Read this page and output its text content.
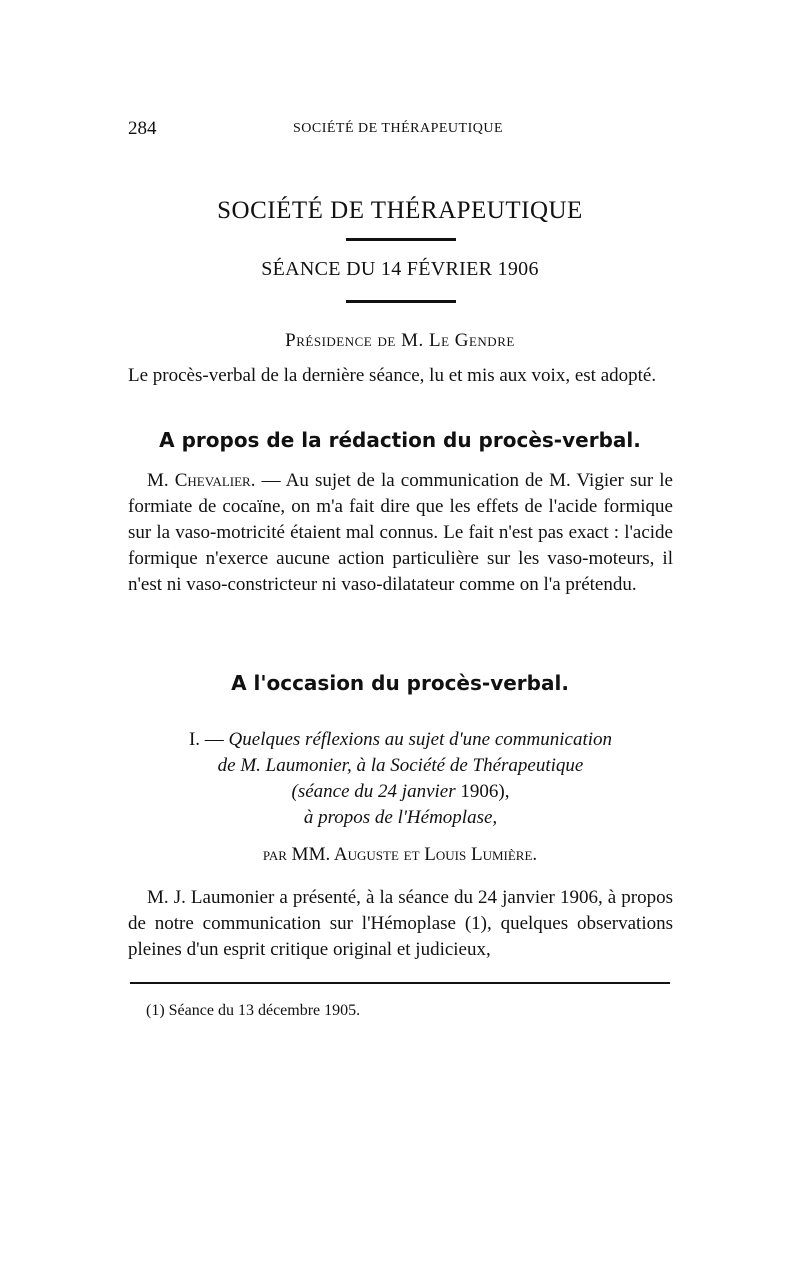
284	SOCIÉTÉ DE THÉRAPEUTIQUE
SOCIÉTÉ DE THÉRAPEUTIQUE
SÉANCE DU 14 FÉVRIER 1906
Présidence de M. Le Gendre
Le procès-verbal de la dernière séance, lu et mis aux voix, est adopté.
A propos de la rédaction du procès-verbal.
 M. Chevalier. — Au sujet de la communication de M. Vigier sur le formiate de cocaïne, on m'a fait dire que les effets de l'acide formique sur la vaso-motricité étaient mal connus. Le fait n'est pas exact : l'acide formique n'exerce aucune action particulière sur les vaso-moteurs, il n'est ni vaso-constricteur ni vaso-dilatateur comme on l'a prétendu.
A l'occasion du procès-verbal.
I. — Quelques réflexions au sujet d'une communication
de M. Laumonier, à la Société de Thérapeutique
(séance du 24 janvier 1906),
à propos de l'Hémoplase,
par MM. Auguste et Louis Lumière.
 M. J. Laumonier a présenté, à la séance du 24 janvier 1906, à propos de notre communication sur l'Hémoplase (1), quelques observations pleines d'un esprit critique original et judicieux,
(1) Séance du 13 décembre 1905.
